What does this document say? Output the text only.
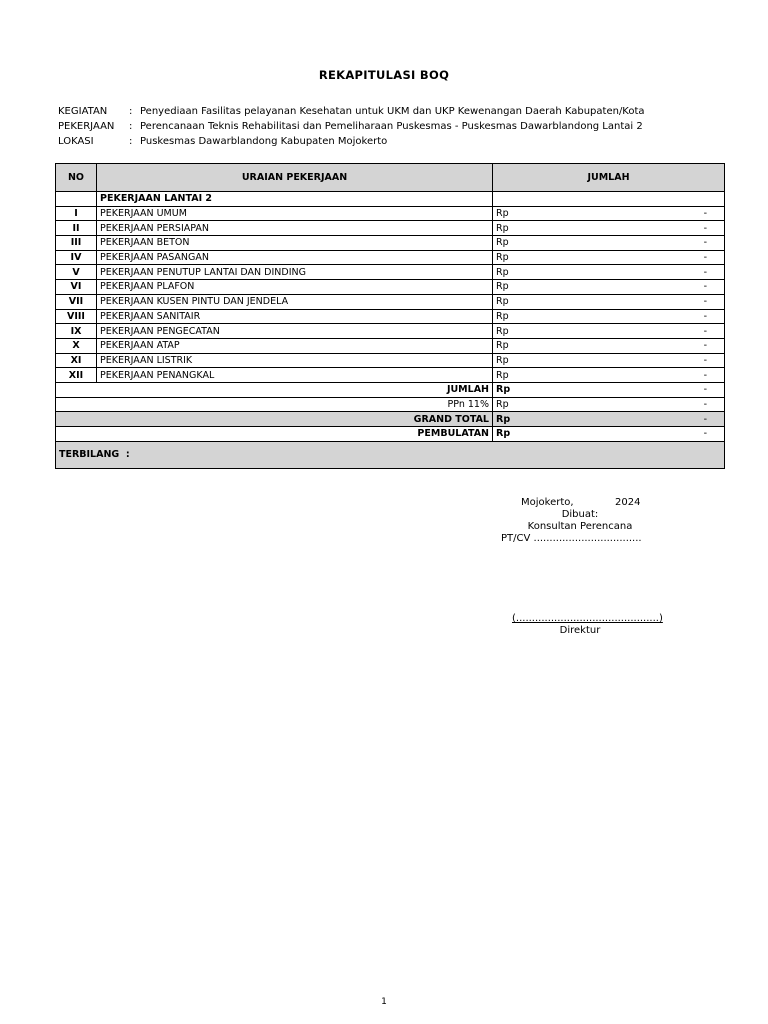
REKAPITULASI BOQ
KEGIATAN : Penyediaan Fasilitas pelayanan Kesehatan untuk UKM dan UKP Kewenangan Daerah Kabupaten/Kota
PEKERJAAN : Perencanaan Teknis Rehabilitasi dan Pemeliharaan Puskesmas - Puskesmas Dawarblandong Lantai 2
LOKASI	: Puskesmas Dawarblandong Kabupaten Mojokerto
NO	URAIAN PEKERJAAN	JUMLAH
	PEKERJAAN LANTAI 2	
I	PEKERJAAN UMUM	Rp -

II	PEKERJAAN PERSIAPAN	Rp -

III	PEKERJAAN BETON	Rp -

IV	PEKERJAAN PASANGAN	Rp -

V	PEKERJAAN PENUTUP LANTAI DAN DINDING	Rp -

VI	PEKERJAAN PLAFON	Rp -

VII	PEKERJAAN KUSEN PINTU DAN JENDELA	Rp -

VIII	PEKERJAAN SANITAIR	Rp -

IX	PEKERJAAN PENGECATAN	Rp -

X	PEKERJAAN ATAP	Rp -

XI	PEKERJAAN LISTRIK	Rp -

XII	PEKERJAAN PENANGKAL	Rp -

JUMLAH		Rp -

PPn 11%		Rp -

GRAND TOTAL		Rp -

PEMBULATAN		Rp -

TERBILANG  :		
Mojokerto,	2024
Dibuat:
Konsultan Perencana
PT/CV ..................................
(.............................................)
Direktur
1
